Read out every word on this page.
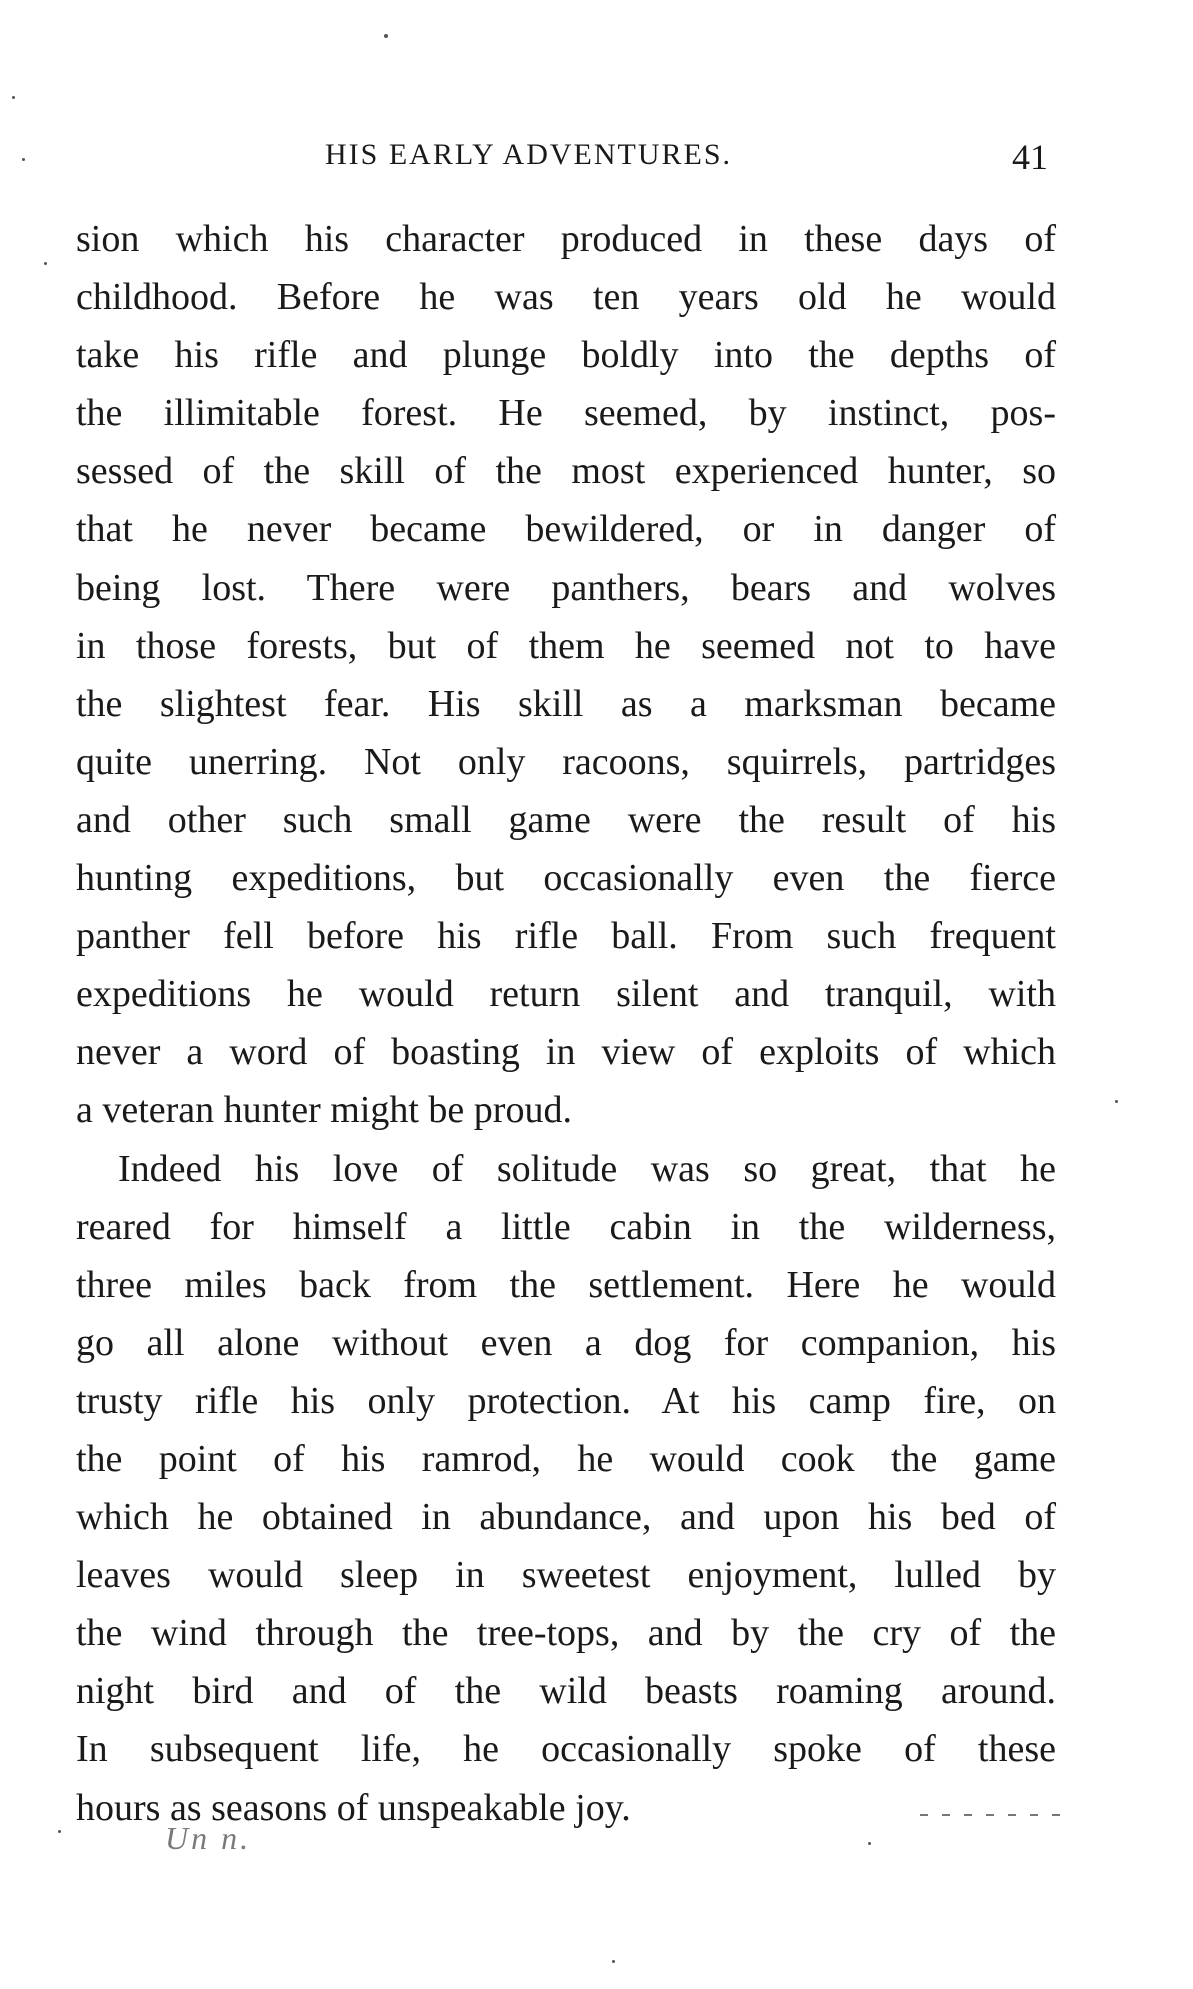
HIS EARLY ADVENTURES.	41
sion which his character produced in these days of
childhood. Before he was ten years old he would
take his rifle and plunge boldly into the depths of
the illimitable forest. He seemed, by instinct, pos-
sessed of the skill of the most experienced hunter, so
that he never became bewildered, or in danger of
being lost. There were panthers, bears and wolves
in those forests, but of them he seemed not to have
the slightest fear. His skill as a marksman became
quite unerring. Not only racoons, squirrels, partridges
and other such small game were the result of his
hunting expeditions, but occasionally even the fierce
panther fell before his rifle ball. From such frequent
expeditions he would return silent and tranquil, with
never a word of boasting in view of exploits of which
a veteran hunter might be proud.
Indeed his love of solitude was so great, that he
reared for himself a little cabin in the wilderness,
three miles back from the settlement. Here he would
go all alone without even a dog for companion, his
trusty rifle his only protection. At his camp fire, on
the point of his ramrod, he would cook the game
which he obtained in abundance, and upon his bed of
leaves would sleep in sweetest enjoyment, lulled by
the wind through the tree-tops, and by the cry of the
night bird and of the wild beasts roaming around.
In subsequent life, he occasionally spoke of these
hours as seasons of unspeakable joy.
Un n.
